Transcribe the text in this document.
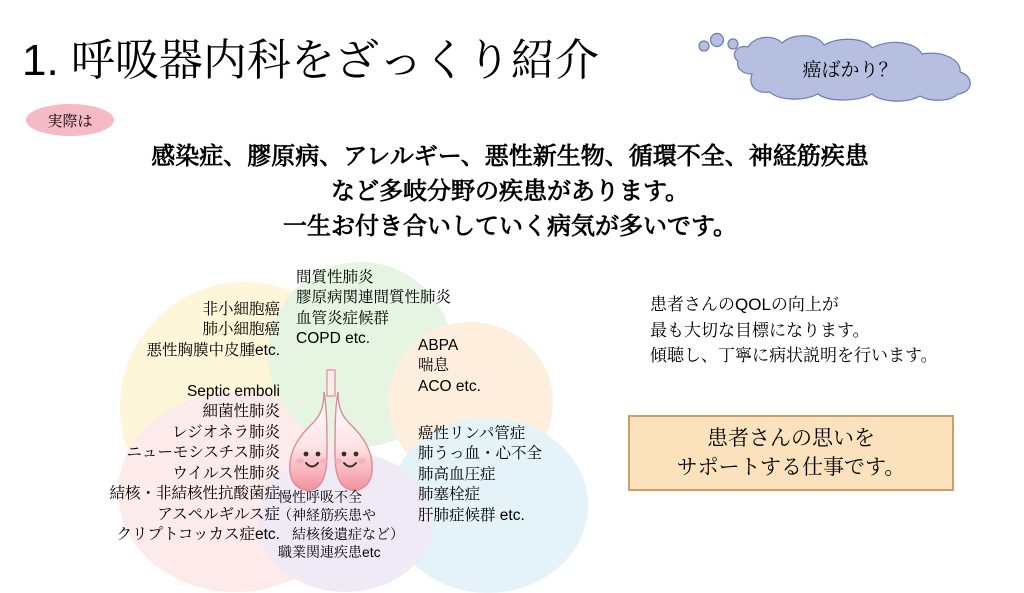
1. 呼吸器内科をざっくり紹介	癌ばかり？
実際は
感染症、膠原病、アレルギー、悪性新生物、循環不全、神経筋疾患
など多岐分野の疾患があります。
一生お付き合いしていく病気が多いです。
非小細胞癌
肺小細胞癌
悪性胸膜中皮腫etc.
間質性肺炎
膠原病関連間質性肺炎
血管炎症候群
COPD etc.	ABPA
喘息
ACO etc.
Septic emboli
細菌性肺炎
レジオネラ肺炎
ニューモシスチス肺炎
ウイルス性肺炎
結核・非結核性抗酸菌症
アスペルギルス症
クリプトコッカス症etc.
癌性リンパ管症
肺うっ血・心不全
肺高血圧症
肺塞栓症
肝肺症候群 etc.
慢性呼吸不全
（神経筋疾患や
　結核後遺症など）
職業関連疾患etc
患者さんのQOLの向上が
最も大切な目標になります。
傾聴し、丁寧に病状説明を行います。
患者さんの思いを
サポートする仕事です。
